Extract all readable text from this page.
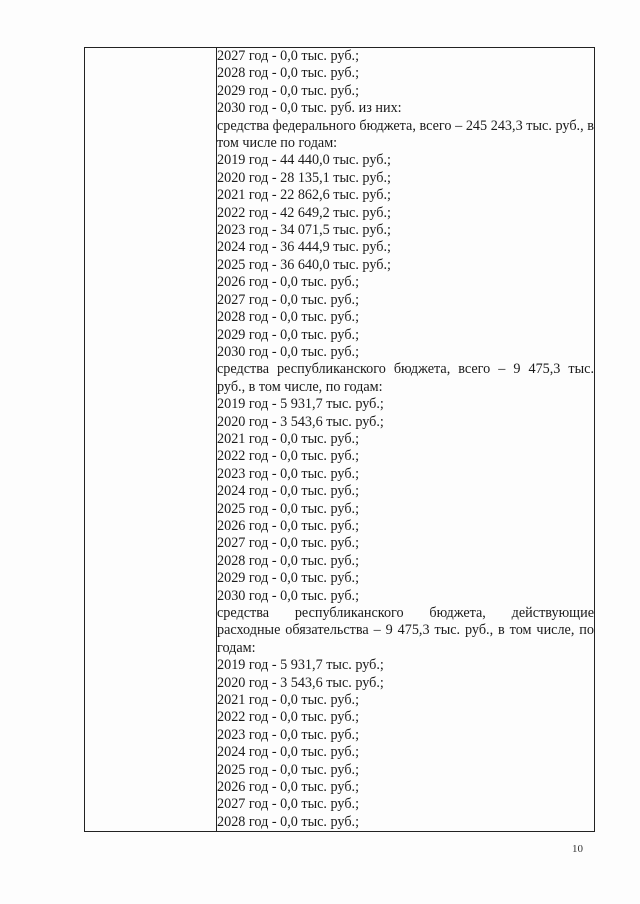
2027 год - 0,0 тыс. руб.;
2028 год - 0,0 тыс. руб.;
2029 год - 0,0 тыс. руб.;
2030 год - 0,0 тыс. руб. из них:
средства федерального бюджета, всего – 245 243,3 тыс. руб., в том числе по годам:
2019 год - 44 440,0 тыс. руб.;
2020 год - 28 135,1 тыс. руб.;
2021 год - 22 862,6 тыс. руб.;
2022 год - 42 649,2 тыс. руб.;
2023 год - 34 071,5 тыс. руб.;
2024 год - 36 444,9 тыс. руб.;
2025 год - 36 640,0 тыс. руб.;
2026 год - 0,0 тыс. руб.;
2027 год - 0,0 тыс. руб.;
2028 год - 0,0 тыс. руб.;
2029 год - 0,0 тыс. руб.;
2030 год - 0,0 тыс. руб.;
средства республиканского бюджета, всего – 9 475,3 тыс. руб., в том числе, по годам:
2019 год - 5 931,7 тыс. руб.;
2020 год - 3 543,6 тыс. руб.;
2021 год - 0,0 тыс. руб.;
2022 год - 0,0 тыс. руб.;
2023 год - 0,0 тыс. руб.;
2024 год - 0,0 тыс. руб.;
2025 год - 0,0 тыс. руб.;
2026 год - 0,0 тыс. руб.;
2027 год - 0,0 тыс. руб.;
2028 год - 0,0 тыс. руб.;
2029 год - 0,0 тыс. руб.;
2030 год - 0,0 тыс. руб.;
средства республиканского бюджета, действующие расходные обязательства – 9 475,3 тыс. руб., в том числе, по годам:
2019 год - 5 931,7 тыс. руб.;
2020 год - 3 543,6 тыс. руб.;
2021 год - 0,0 тыс. руб.;
2022 год - 0,0 тыс. руб.;
2023 год - 0,0 тыс. руб.;
2024 год - 0,0 тыс. руб.;
2025 год - 0,0 тыс. руб.;
2026 год - 0,0 тыс. руб.;
2027 год - 0,0 тыс. руб.;
2028 год - 0,0 тыс. руб.;
10
